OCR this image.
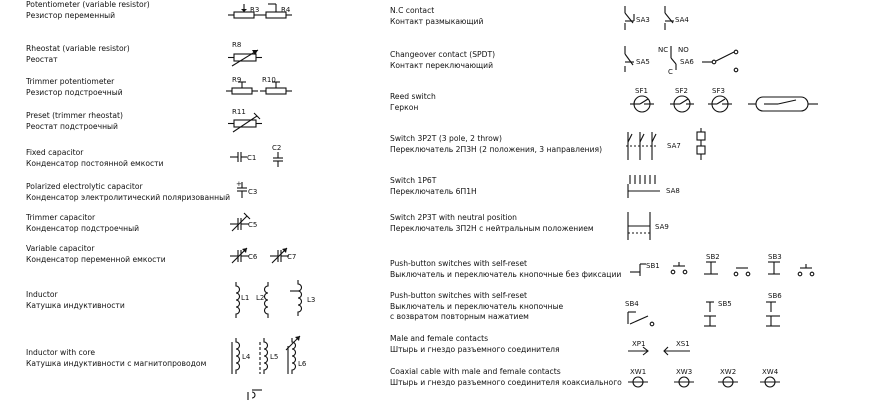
Potentiometer (variable resistor)
Резистор переменный
Rheostat (variable resistor)
Реостат
Trimmer potentiometer
Резистор подстроечный
Preset (trimmer rheostat)
Реостат подстроечный
Fixed capacitor
Конденсатор постоянной емкости
Polarized electrolytic capacitor
Конденсатор электролитический поляризованный
Trimmer capacitor
Конденсатор подстроечный
Variable capacitor
Конденсатор переменной емкости
Inductor
Катушка индуктивности
Inductor with core
Катушка индуктивности с магнитопроводом
N.C contact
Контакт размыкающий
Changeover contact (SPDT)
Контакт переключающий
Reed switch
Геркон
Switch 3P2T (3 pole, 2 throw)
Переключатель 2П3Н (2 положения, 3 направления)
Switch 1P6T
Переключатель 6П1Н
Switch 2P3T with neutral position
Переключатель 3П2Н с нейтральным положением
Push-button switches with self-reset
Выключатель и переключатель кнопочные без фиксации
Push-button switches with self-reset
Выключатель и переключатель кнопочные
с возвратом повторным нажатием
Male and female contacts
Штырь и гнездо разъемного соединителя
Coaxial cable with male and female contacts
Штырь и гнездо разъемного соединителя коаксиального
R3	R4
R8
R9	R10
R11
C1
C2
+
C3
C5
C6	C7
L1 L2	L3
L4	L5
L6
SA3	SA4
SA5
NC NO
C
SA6
SF1	SF2	SF3
SA7
SA8
SA9
SB1
SB2	SB3
SB4	SB5
SB6
XP1	XS1
XW1	XW3	XW2	XW4
